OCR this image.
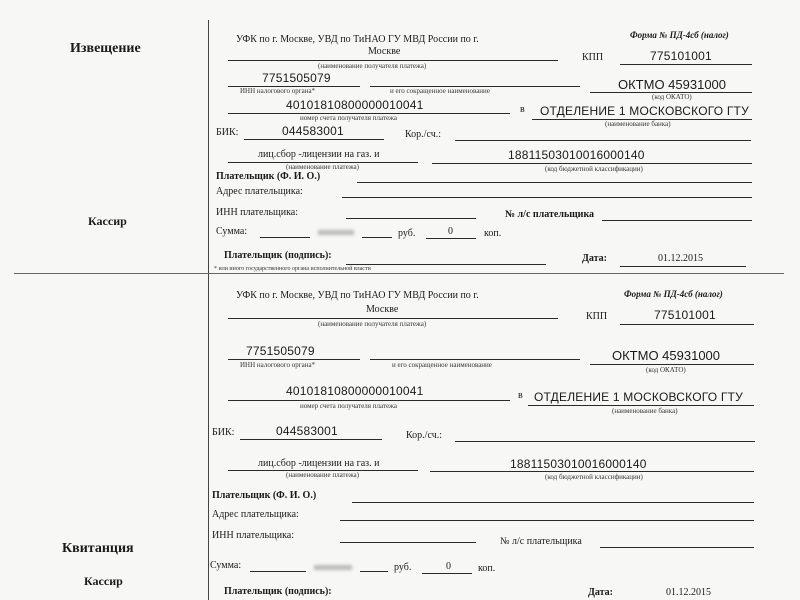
Извещение
Кассир
УФК по г. Москве, УВД по ТиНАО ГУ МВД России по г.
Москве
(наименование получателя платежа)
Форма № ПД-4сб (налог)
КПП	775101001
7751505079
ИНН налогового органа*	и его сокращенное наименование	ОКТМО 45931000
(код ОКАТО)
40101810800000010041
номер счета получателя платежа
в ОТДЕЛЕНИЕ 1 МОСКОВСКОГО ГТУ
(наименование банка)
БИК:	044583001	Кор./сч.:
лиц.сбор -лицензии на газ. и
(наименование платежа)
18811503010016000140
(код бюджетной классификации)
Плательщик (Ф. И. О.)
Адрес плательщика:
ИНН плательщика:	№ л/с плательщика
Сумма:	руб.	0	коп.
Плательщик (подпись):	Дата:	01.12.2015
* или иного государственного органа исполнительной власти
Квитанция
Кассир
УФК по г. Москве, УВД по ТиНАО ГУ МВД России по г.
Москве
(наименование получателя платежа)
Форма № ПД-4сб (налог)
КПП	775101001
7751505079
ИНН налогового органа*	и его сокращенное наименование
ОКТМО 45931000
(код ОКАТО)
40101810800000010041
номер счета получателя платежа
в ОТДЕЛЕНИЕ 1 МОСКОВСКОГО ГТУ
(наименование банка)
БИК:	044583001	Кор./сч.:
лиц.сбор -лицензии на газ. и
(наименование платежа)
18811503010016000140
(код бюджетной классификации)
Плательщик (Ф. И. О.)
Адрес плательщика:
ИНН плательщика:
№ л/с плательщика
Сумма:	руб.	0	коп.
Плательщик (подпись):	Дата:	01.12.2015
